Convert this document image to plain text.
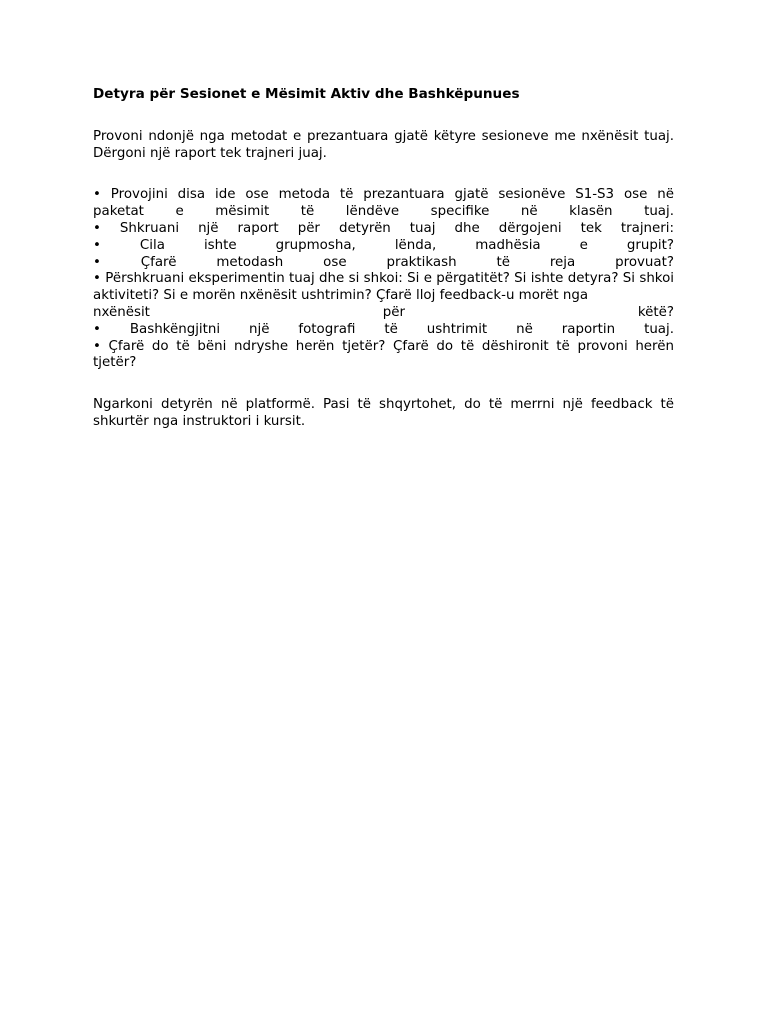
Detyra për Sesionet e Mësimit Aktiv dhe Bashkëpunues

Provoni ndonjë nga metodat e prezantuara gjatë këtyre sesioneve me nxënësit tuaj. Dërgoni një raport tek trajneri juaj.

• Provojini disa ide ose metoda të prezantuara gjatë sesionëve S1-S3 ose në
paketat e mësimit të lëndëve specifike në klasën tuaj.
• Shkruani një raport për detyrën tuaj dhe dërgojeni tek trajneri:
• Cila ishte grupmosha, lënda, madhësia e grupit?
• Çfarë metodash ose praktikash të reja provuat?
• Përshkruani eksperimentin tuaj dhe si shkoi: Si e përgatitët? Si ishte detyra? Si shkoi aktiviteti? Si e morën nxënësit ushtrimin? Çfarë lloj feedback-u morët nga
nxënësit për këtë?
• Bashkëngjitni një fotografi të ushtrimit në raportin tuaj.
• Çfarë do të bëni ndryshe herën tjetër? Çfarë do të dëshironit të provoni herën tjetër?

Ngarkoni detyrën në platformë. Pasi të shqyrtohet, do të merrni një feedback të shkurtër nga instruktori i kursit.
